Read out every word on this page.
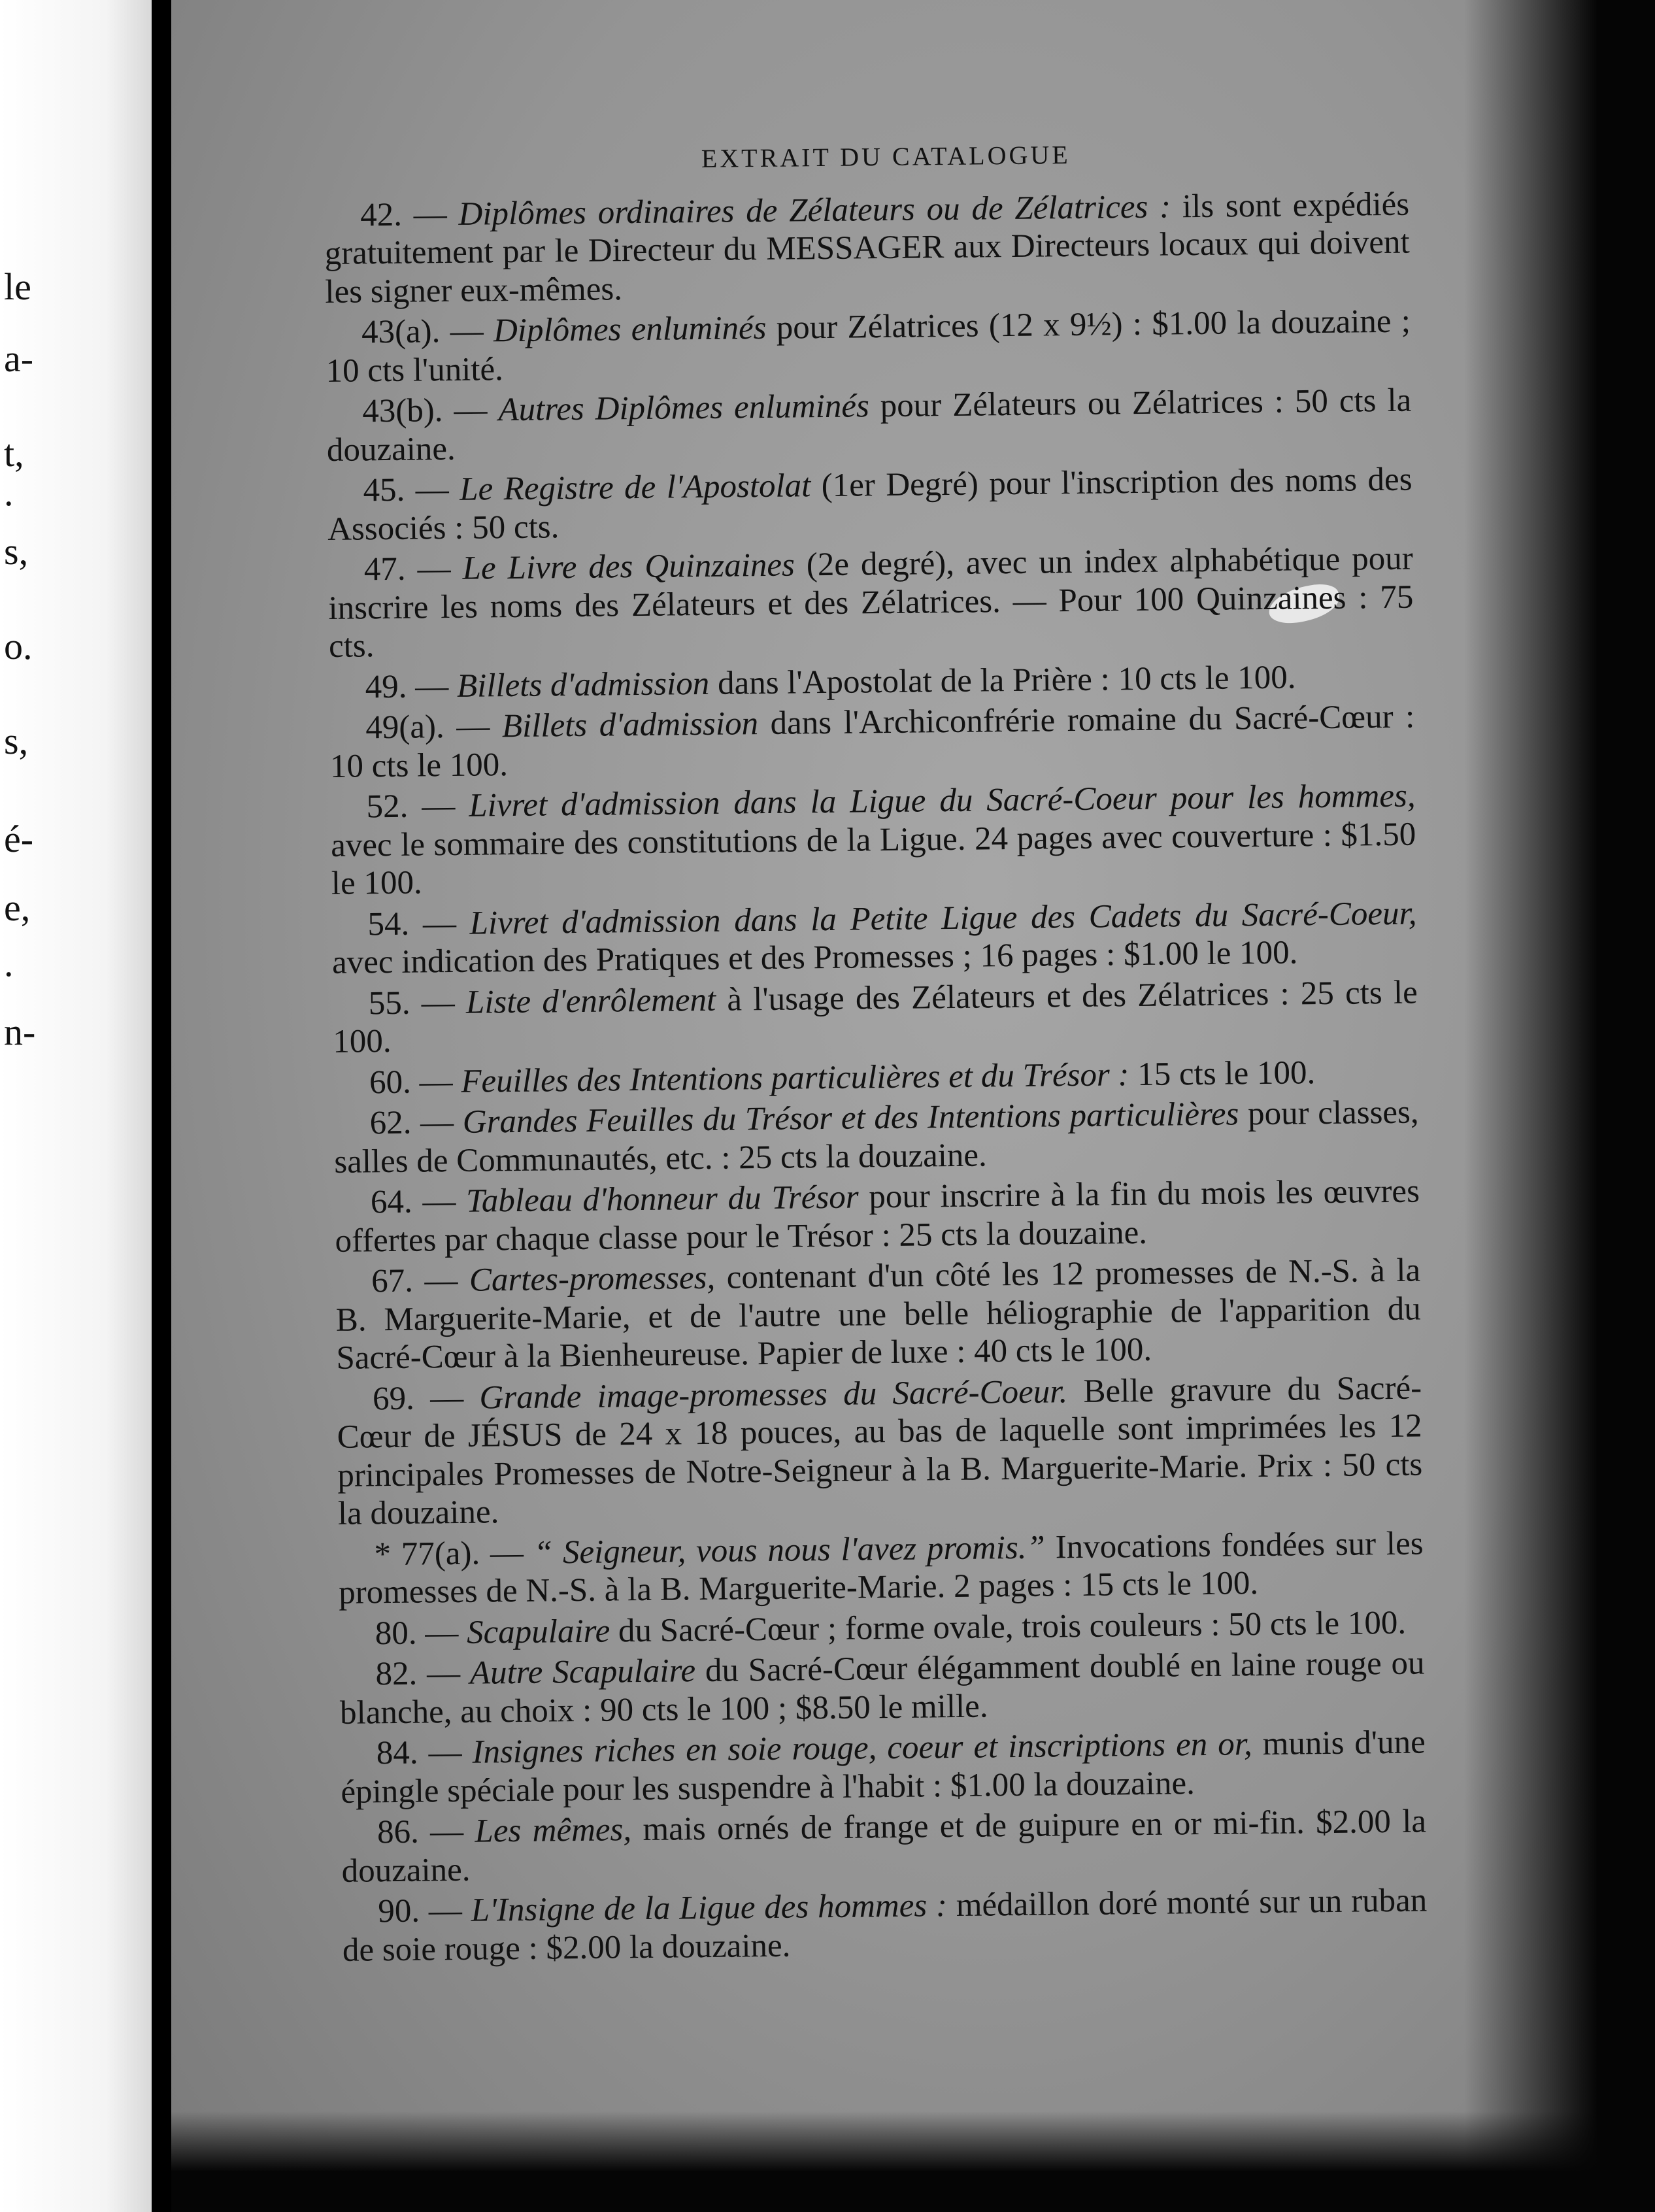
le
a-
t,
.
s,
o.
s,
é-
e,
.
n-
EXTRAIT DU CATALOGUE

42. — Diplômes ordinaires de Zélateurs ou de Zélatrices : ils sont expédiés gratuitement par le Directeur du MESSAGER aux Directeurs locaux qui doivent les signer eux-mêmes.

43(a). — Diplômes enluminés pour Zélatrices (12 x 9½) : $1.00 la douzaine ; 10 cts l'unité.

43(b). — Autres Diplômes enluminés pour Zélateurs ou Zélatrices : 50 cts la douzaine.

45. — Le Registre de l'Apostolat (1er Degré) pour l'inscription des noms des Associés : 50 cts.

47. — Le Livre des Quinzaines (2e degré), avec un index alphabétique pour inscrire les noms des Zélateurs et des Zélatrices. — Pour 100 Quinzaines : 75 cts.

49. — Billets d'admission dans l'Apostolat de la Prière : 10 cts le 100.

49(a). — Billets d'admission dans l'Archiconfrérie romaine du Sacré-Cœur : 10 cts le 100.

52. — Livret d'admission dans la Ligue du Sacré-Coeur pour les hommes, avec le sommaire des constitutions de la Ligue. 24 pages avec couverture : $1.50 le 100.

54. — Livret d'admission dans la Petite Ligue des Cadets du Sacré-Coeur, avec indication des Pratiques et des Promesses ; 16 pages : $1.00 le 100.

55. — Liste d'enrôlement à l'usage des Zélateurs et des Zélatrices : 25 cts le 100.

60. — Feuilles des Intentions particulières et du Trésor : 15 cts le 100.

62. — Grandes Feuilles du Trésor et des Intentions particulières pour classes, salles de Communautés, etc. : 25 cts la douzaine.

64. — Tableau d'honneur du Trésor pour inscrire à la fin du mois les œuvres offertes par chaque classe pour le Trésor : 25 cts la douzaine.

67. — Cartes-promesses, contenant d'un côté les 12 promesses de N.-S. à la B. Marguerite-Marie, et de l'autre une belle héliographie de l'apparition du Sacré-Cœur à la Bienheureuse. Papier de luxe : 40 cts le 100.

69. — Grande image-promesses du Sacré-Coeur. Belle gravure du Sacré-Cœur de JÉSUS de 24 x 18 pouces, au bas de laquelle sont imprimées les 12 principales Promesses de Notre-Seigneur à la B. Marguerite-Marie. Prix : 50 cts la douzaine.

* 77(a). — “ Seigneur, vous nous l'avez promis.” Invocations fondées sur les promesses de N.-S. à la B. Marguerite-Marie. 2 pages : 15 cts le 100.

80. — Scapulaire du Sacré-Cœur ; forme ovale, trois couleurs : 50 cts le 100.

82. — Autre Scapulaire du Sacré-Cœur élégamment doublé en laine rouge ou blanche, au choix : 90 cts le 100 ; $8.50 le mille.

84. — Insignes riches en soie rouge, coeur et inscriptions en or, munis d'une épingle spéciale pour les suspendre à l'habit : $1.00 la douzaine.

86. — Les mêmes, mais ornés de frange et de guipure en or mi-fin. $2.00 la douzaine.

90. — L'Insigne de la Ligue des hommes : médaillon doré monté sur un ruban de soie rouge : $2.00 la douzaine.
